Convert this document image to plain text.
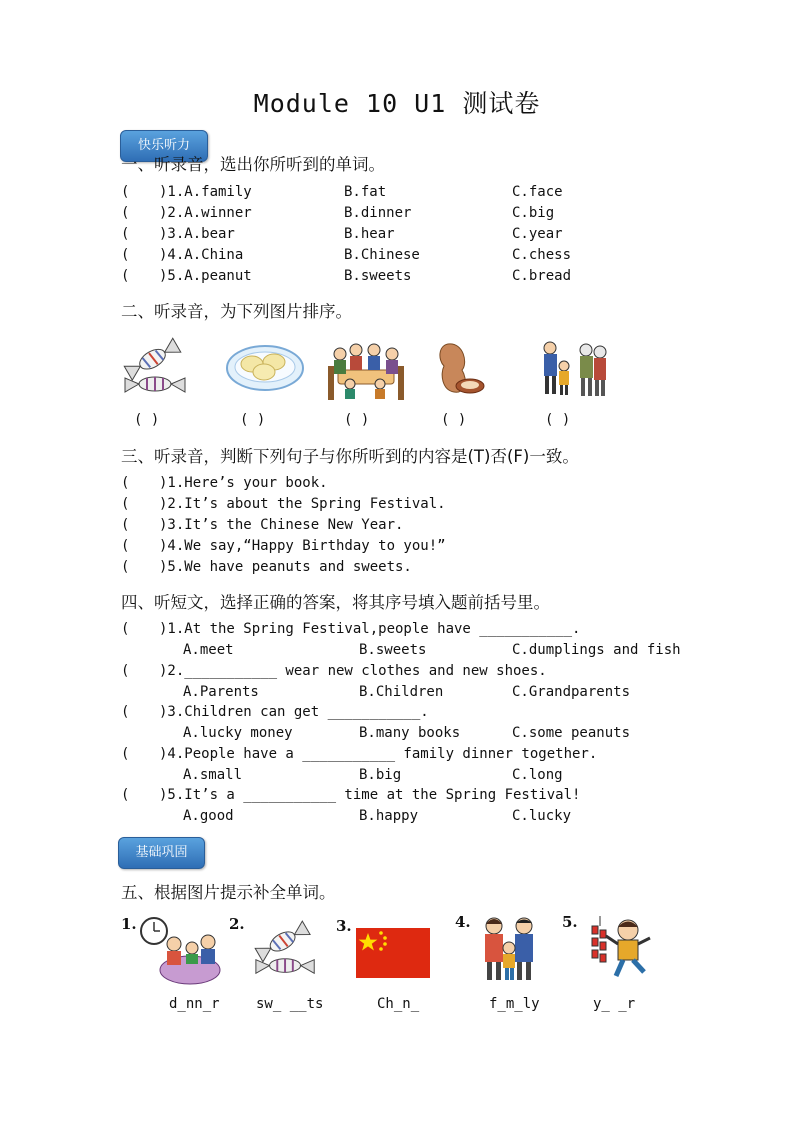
Module 10 U1 测试卷
快乐听力
一、听录音，选出你所听到的单词。
( )1.A.family	B.fat	C.face
( )2.A.winner	B.dinner	C.big
( )3.A.bear	B.hear	C.year
( )4.A.China	B.Chinese	C.chess
( )5.A.peanut	B.sweets	C.bread
二、听录音，为下列图片排序。
( )	( )	( )	( )	( )
三、听录音，判断下列句子与你所听到的内容是(T)否(F)一致。
( )1.Here’s your book.
( )2.It’s about the Spring Festival.
( )3.It’s the Chinese New Year.
( )4.We say,“Happy Birthday to you!”
( )5.We have peanuts and sweets.
四、听短文，选择正确的答案，将其序号填入题前括号里。
( )1.At the Spring Festival,people have ___________.
A.meet	B.sweets	C.dumplings and fish
( )2.___________ wear new clothes and new shoes.
A.Parents	B.Children	C.Grandparents
( )3.Children can get ___________.
A.lucky money	B.many books	C.some peanuts
( )4.People have a ___________ family dinner together.
A.small	B.big	C.long
( )5.It’s a ___________ time at the Spring Festival!
A.good	B.happy	C.lucky
基础巩固
五、根据图片提示补全单词。
1.	2.	3.	4.	5.
d_nn_r	sw_ __ts	Ch_n_	f_m_ly	y_ _r
